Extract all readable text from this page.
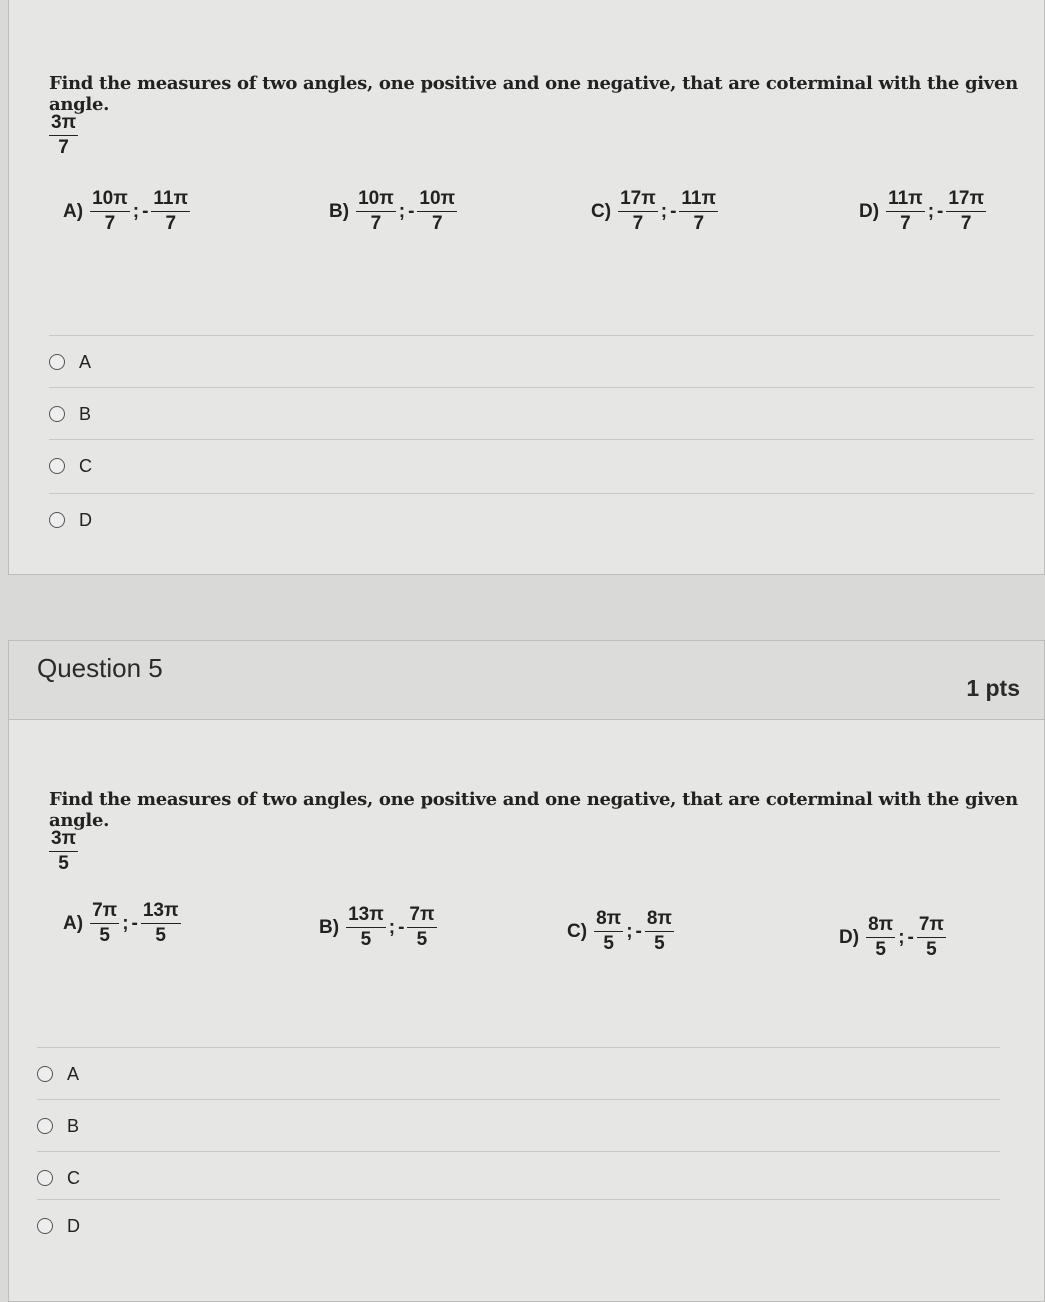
Find the measures of two angles, one positive and one negative, that are coterminal with the given angle.
$\frac{3\pi}{7}$
$A) \frac{10\pi}{7}$ ; - $\frac{11\pi}{7}$	$B) \frac{10\pi}{7}$ ; - $\frac{10\pi}{7}$	$C) \frac{17\pi}{7}$ ; - $\frac{11\pi}{7}$	$D) \frac{11\pi}{7}$ ; - $\frac{17\pi}{7}$
A
B
C
D
Question 5
1 pts
Find the measures of two angles, one positive and one negative, that are coterminal with the given angle.
$\frac{3\pi}{5}$
$A) \frac{7\pi}{5}$ ; - $\frac{13\pi}{5}$	$B) \frac{13\pi}{5}$ ; - $\frac{7\pi}{5}$	$C) \frac{8\pi}{5}$ ; - $\frac{8\pi}{5}$	$D) \frac{8\pi}{5}$ ; - $\frac{7\pi}{5}$
A
B
C
D
